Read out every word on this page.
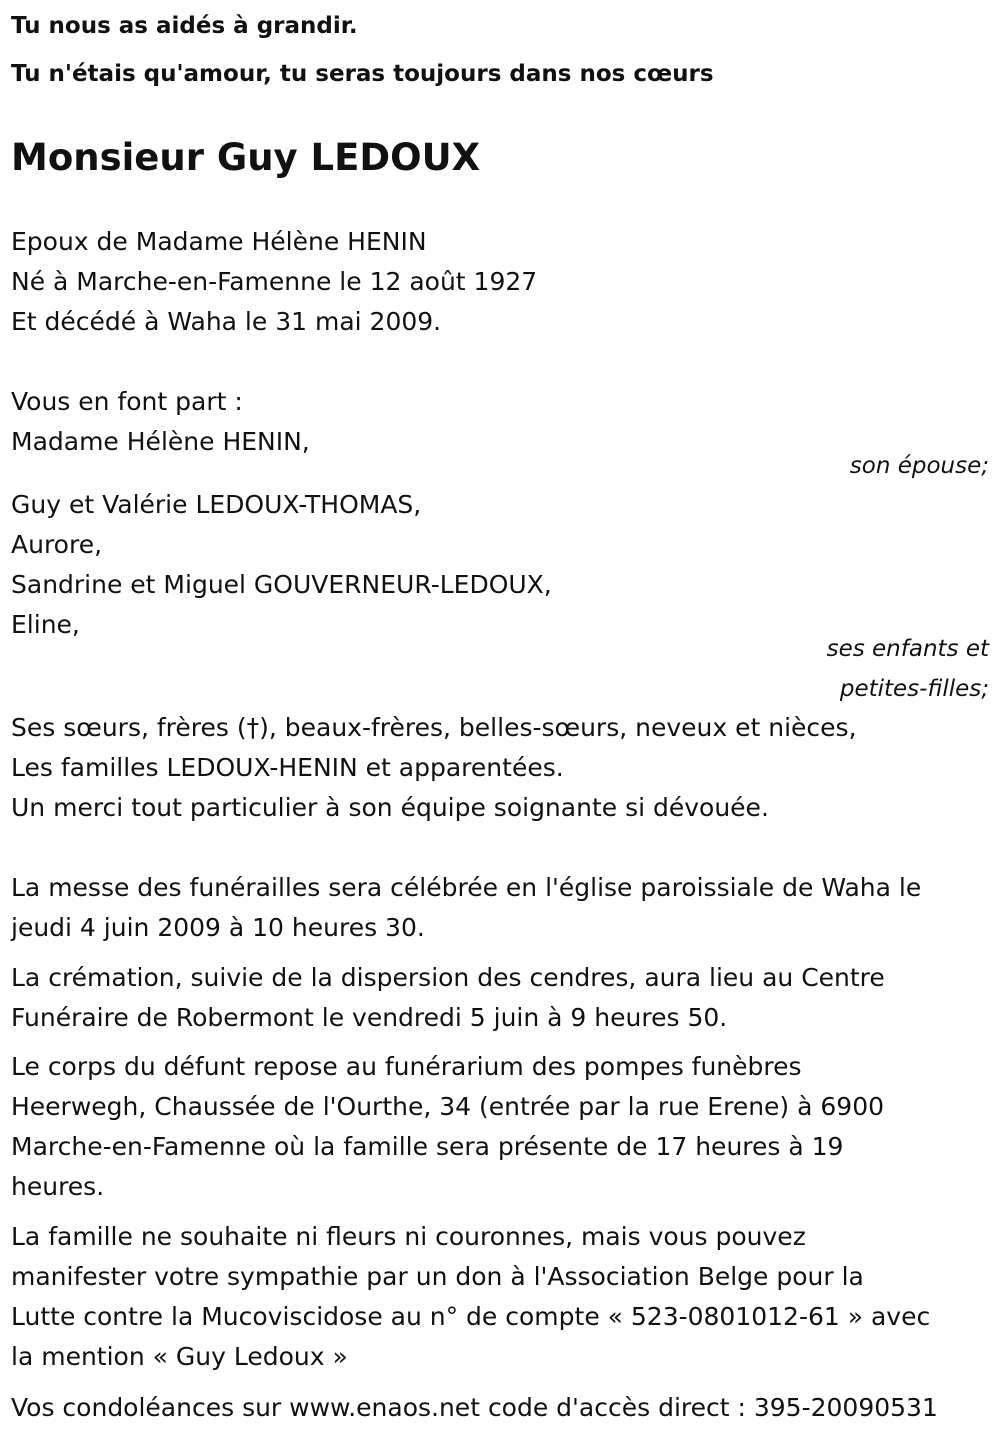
Tu nous as aidés à grandir.
Tu n'étais qu'amour, tu seras toujours dans nos cœurs
Monsieur Guy LEDOUX
Epoux de Madame Hélène HENIN
Né à Marche-en-Famenne le 12 août 1927
Et décédé à Waha le 31 mai 2009.
Vous en font part :
Madame Hélène HENIN,
son épouse;
Guy et Valérie LEDOUX-THOMAS,
Aurore,
Sandrine et Miguel GOUVERNEUR-LEDOUX,
Eline,
ses enfants et
petites-filles;
Ses sœurs, frères (†), beaux-frères, belles-sœurs, neveux et nièces,
Les familles LEDOUX-HENIN et apparentées.
Un merci tout particulier à son équipe soignante si dévouée.
La messe des funérailles sera célébrée en l'église paroissiale de Waha le
jeudi 4 juin 2009 à 10 heures 30.
La crémation, suivie de la dispersion des cendres, aura lieu au Centre
Funéraire de Robermont le vendredi 5 juin à 9 heures 50.
Le corps du défunt repose au funérarium des pompes funèbres
Heerwegh, Chaussée de l'Ourthe, 34 (entrée par la rue Erene) à 6900
Marche-en-Famenne où la famille sera présente de 17 heures à 19
heures.
La famille ne souhaite ni fleurs ni couronnes, mais vous pouvez
manifester votre sympathie par un don à l'Association Belge pour la
Lutte contre la Mucoviscidose au n° de compte « 523-0801012-61 » avec
la mention « Guy Ledoux »
Vos condoléances sur www.enaos.net code d'accès direct : 395-20090531
